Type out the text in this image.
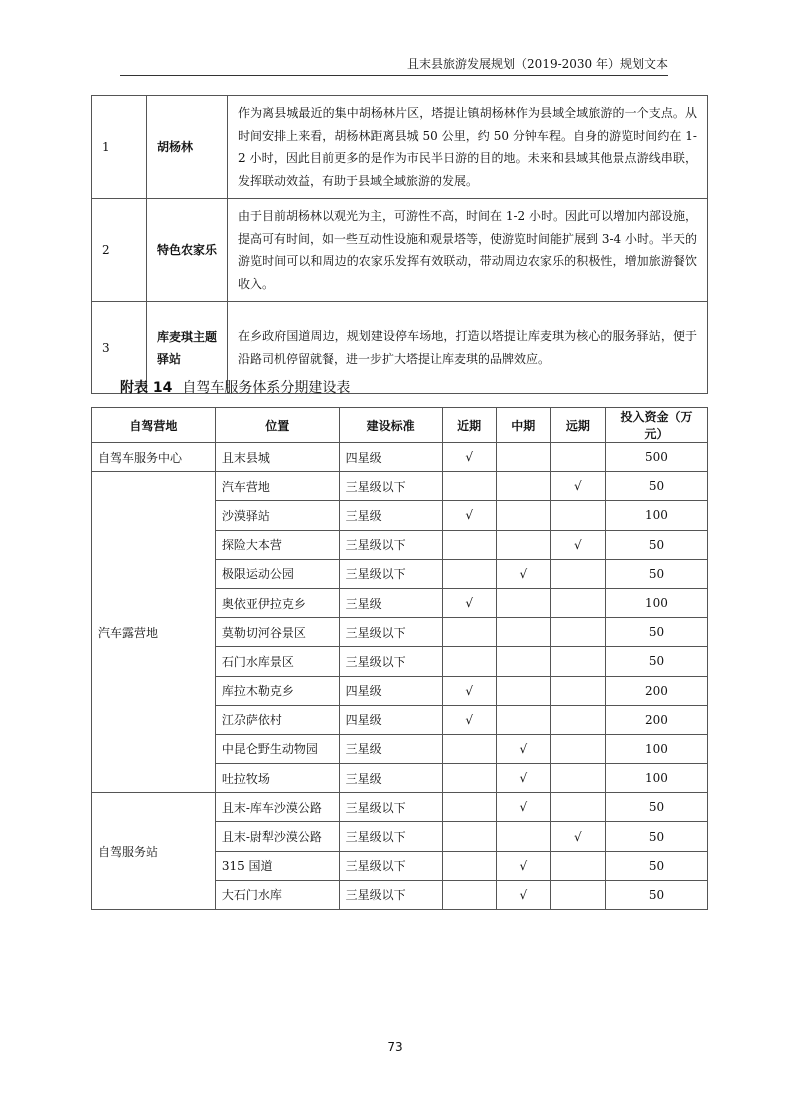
且末县旅游发展规划（2019-2030 年）规划文本
1	胡杨林	作为离县城最近的集中胡杨林片区，塔提让镇胡杨林作为县域全域旅游的一个支点。从时间安排上来看，胡杨林距离县城 50 公里，约 50 分钟车程。自身的游览时间约在 1-2 小时，因此目前更多的是作为市民半日游的目的地。未来和县域其他景点游线串联，发挥联动效益，有助于县域全域旅游的发展。
2	特色农家乐	由于目前胡杨林以观光为主，可游性不高，时间在 1-2 小时。因此可以增加内部设施，提高可有时间，如一些互动性设施和观景塔等，使游览时间能扩展到 3-4 小时。半天的游览时间可以和周边的农家乐发挥有效联动，带动周边农家乐的积极性，增加旅游餐饮收入。
3	库麦琪主题驿站	在乡政府国道周边，规划建设停车场地，打造以塔提让库麦琪为核心的服务驿站，便于沿路司机停留就餐，进一步扩大塔提让库麦琪的品牌效应。
附表 14 自驾车服务体系分期建设表
自驾营地	位置	建设标准	近期	中期	远期	投入资金（万元）
自驾车服务中心	且末县城	四星级	√			500
汽车露营地	汽车营地	三星级以下			√	50
	沙漠驿站	三星级	√			100
	探险大本营	三星级以下			√	50
	极限运动公园	三星级以下		√		50
	奥依亚伊拉克乡	三星级	√			100
	莫勒切河谷景区	三星级以下				50
	石门水库景区	三星级以下				50
	库拉木勒克乡	四星级	√			200
	江尕萨依村	四星级	√			200
	中昆仑野生动物园	三星级		√		100
	吐拉牧场	三星级		√		100
自驾服务站	且末-库车沙漠公路	三星级以下		√		50
	且末-尉犁沙漠公路	三星级以下			√	50
	315 国道	三星级以下		√		50
	大石门水库	三星级以下		√		50
73
